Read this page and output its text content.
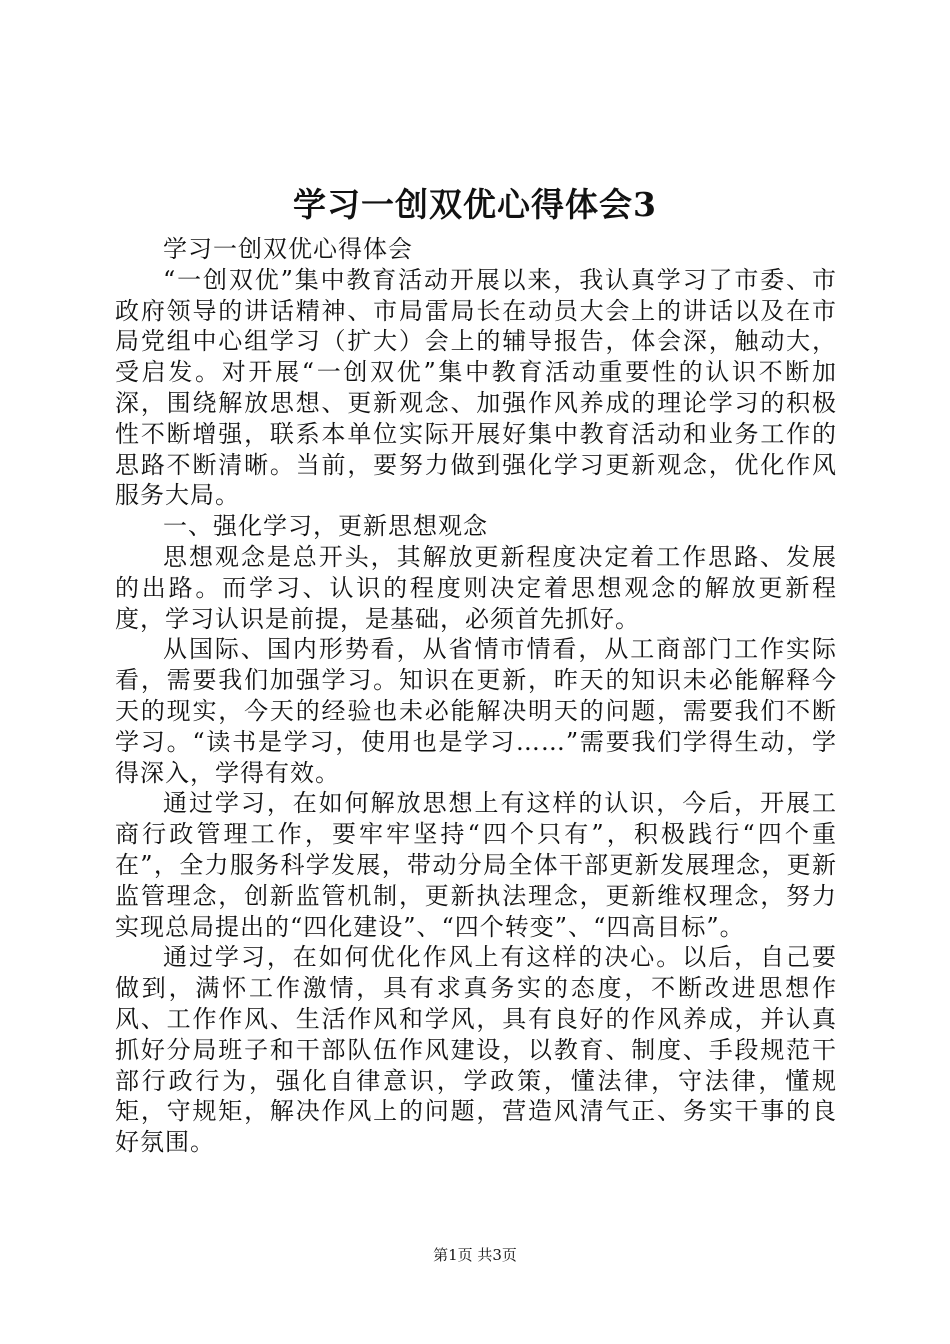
学习一创双优心得体会3

学习一创双优心得体会

“一创双优”集中教育活动开展以来，我认真学习了市委、市政府领导的讲话精神、市局雷局长在动员大会上的讲话以及在市局党组中心组学习（扩大）会上的辅导报告，体会深，触动大，受启发。对开展“一创双优”集中教育活动重要性的认识不断加深，围绕解放思想、更新观念、加强作风养成的理论学习的积极性不断增强，联系本单位实际开展好集中教育活动和业务工作的思路不断清晰。当前，要努力做到强化学习更新观念，优化作风服务大局。

一、强化学习，更新思想观念

思想观念是总开头，其解放更新程度决定着工作思路、发展的出路。而学习、认识的程度则决定着思想观念的解放更新程度，学习认识是前提，是基础，必须首先抓好。

从国际、国内形势看，从省情市情看，从工商部门工作实际看，需要我们加强学习。知识在更新，昨天的知识未必能解释今天的现实，今天的经验也未必能解决明天的问题，需要我们不断学习。“读书是学习，使用也是学习……”需要我们学得生动，学得深入，学得有效。

通过学习，在如何解放思想上有这样的认识，今后，开展工商行政管理工作，要牢牢坚持“四个只有”，积极践行“四个重在”，全力服务科学发展，带动分局全体干部更新发展理念，更新监管理念，创新监管机制，更新执法理念，更新维权理念，努力实现总局提出的“四化建设”、“四个转变”、“四高目标”。

通过学习，在如何优化作风上有这样的决心。以后，自己要做到，满怀工作激情，具有求真务实的态度，不断改进思想作风、工作作风、生活作风和学风，具有良好的作风养成，并认真抓好分局班子和干部队伍作风建设，以教育、制度、手段规范干部行政行为，强化自律意识，学政策，懂法律，守法律，懂规矩，守规矩，解决作风上的问题，营造风清气正、务实干事的良好氛围。

第1页 共3页
